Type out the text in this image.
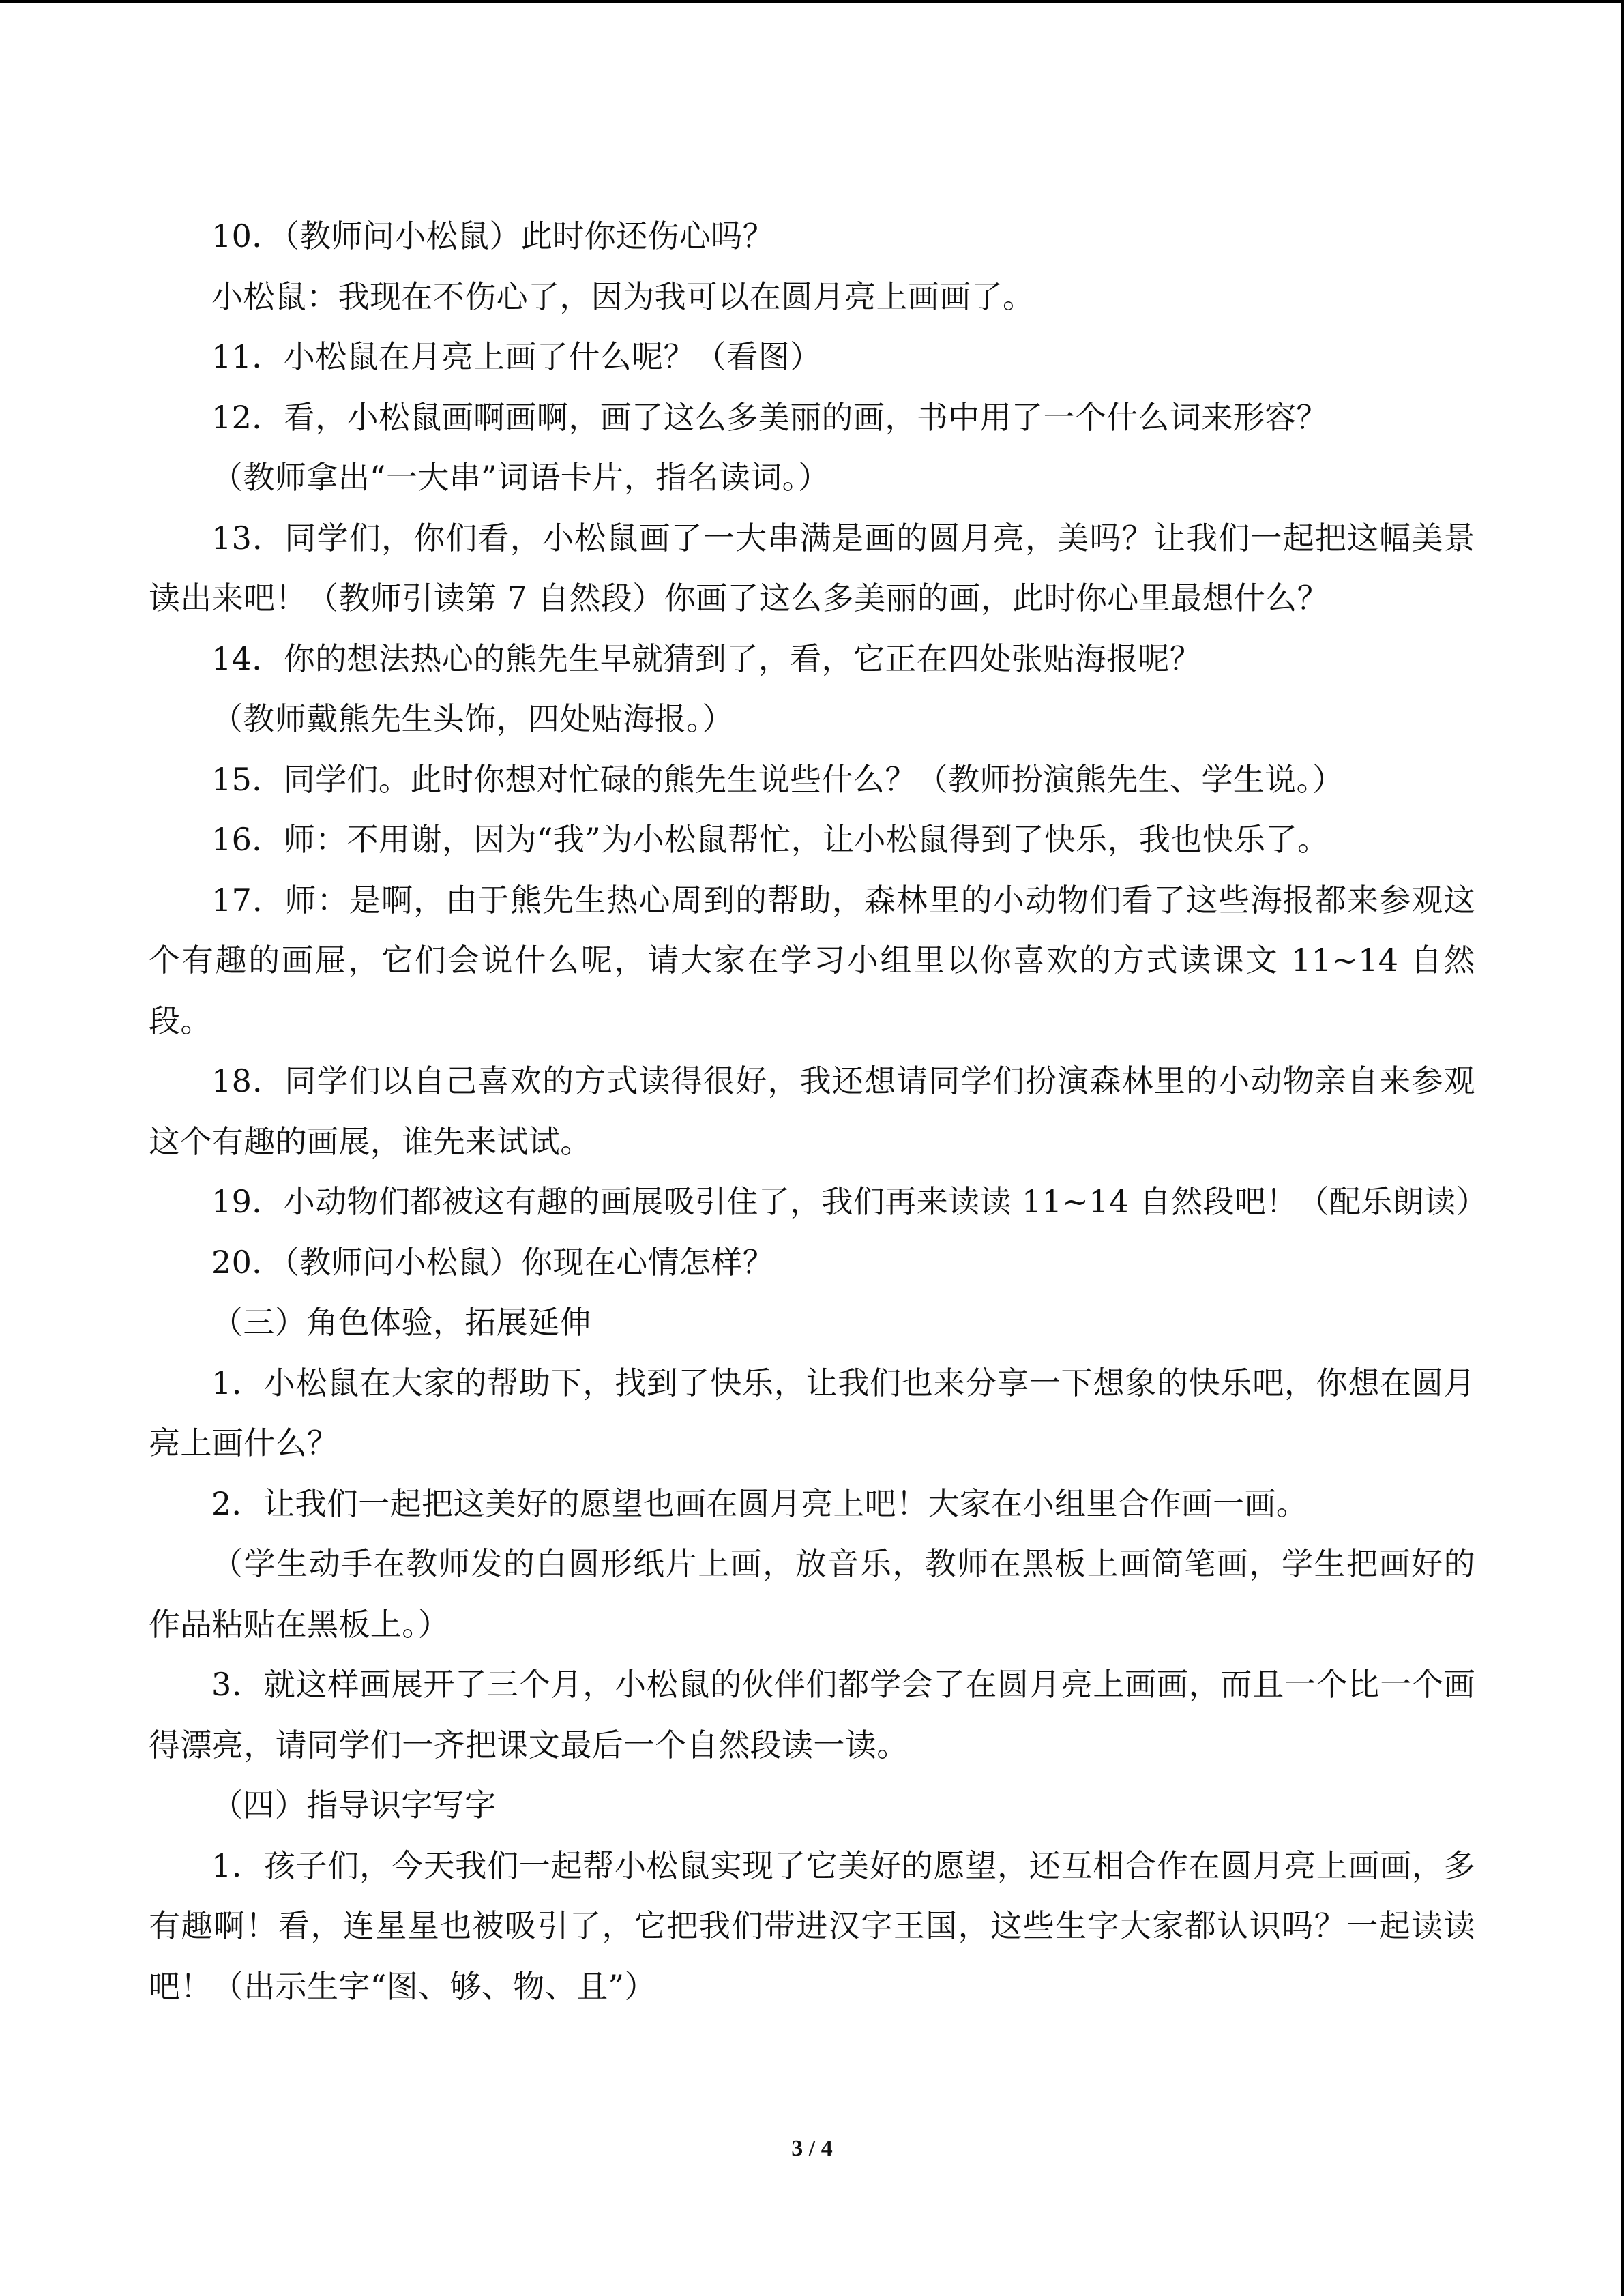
10．（教师问小松鼠）此时你还伤心吗？

小松鼠：我现在不伤心了，因为我可以在圆月亮上画画了。

11．小松鼠在月亮上画了什么呢？（看图）

12．看，小松鼠画啊画啊，画了这么多美丽的画，书中用了一个什么词来形容？

（教师拿出“一大串”词语卡片，指名读词。）

13．同学们，你们看，小松鼠画了一大串满是画的圆月亮，美吗？让我们一起把这幅美景读出来吧！（教师引读第 7 自然段）你画了这么多美丽的画，此时你心里最想什么？

14．你的想法热心的熊先生早就猜到了，看，它正在四处张贴海报呢？

（教师戴熊先生头饰，四处贴海报。）

15．同学们。此时你想对忙碌的熊先生说些什么？（教师扮演熊先生、学生说。）

16．师：不用谢，因为“我”为小松鼠帮忙，让小松鼠得到了快乐，我也快乐了。

17．师：是啊，由于熊先生热心周到的帮助，森林里的小动物们看了这些海报都来参观这个有趣的画屉，它们会说什么呢，请大家在学习小组里以你喜欢的方式读课文 11~14 自然段。

18．同学们以自己喜欢的方式读得很好，我还想请同学们扮演森林里的小动物亲自来参观这个有趣的画展，谁先来试试。

19．小动物们都被这有趣的画展吸引住了，我们再来读读 11~14 自然段吧！（配乐朗读）

20．（教师问小松鼠）你现在心情怎样？

（三）角色体验，拓展延伸

1．小松鼠在大家的帮助下，找到了快乐，让我们也来分享一下想象的快乐吧，你想在圆月亮上画什么？

2．让我们一起把这美好的愿望也画在圆月亮上吧！大家在小组里合作画一画。

（学生动手在教师发的白圆形纸片上画，放音乐，教师在黑板上画简笔画，学生把画好的作品粘贴在黑板上。）

3．就这样画展开了三个月，小松鼠的伙伴们都学会了在圆月亮上画画，而且一个比一个画得漂亮，请同学们一齐把课文最后一个自然段读一读。

（四）指导识字写字

1．孩子们，今天我们一起帮小松鼠实现了它美好的愿望，还互相合作在圆月亮上画画，多有趣啊！看，连星星也被吸引了，它把我们带进汉字王国，这些生字大家都认识吗？一起读读吧！（出示生字“图、够、物、且”）

3 / 4
